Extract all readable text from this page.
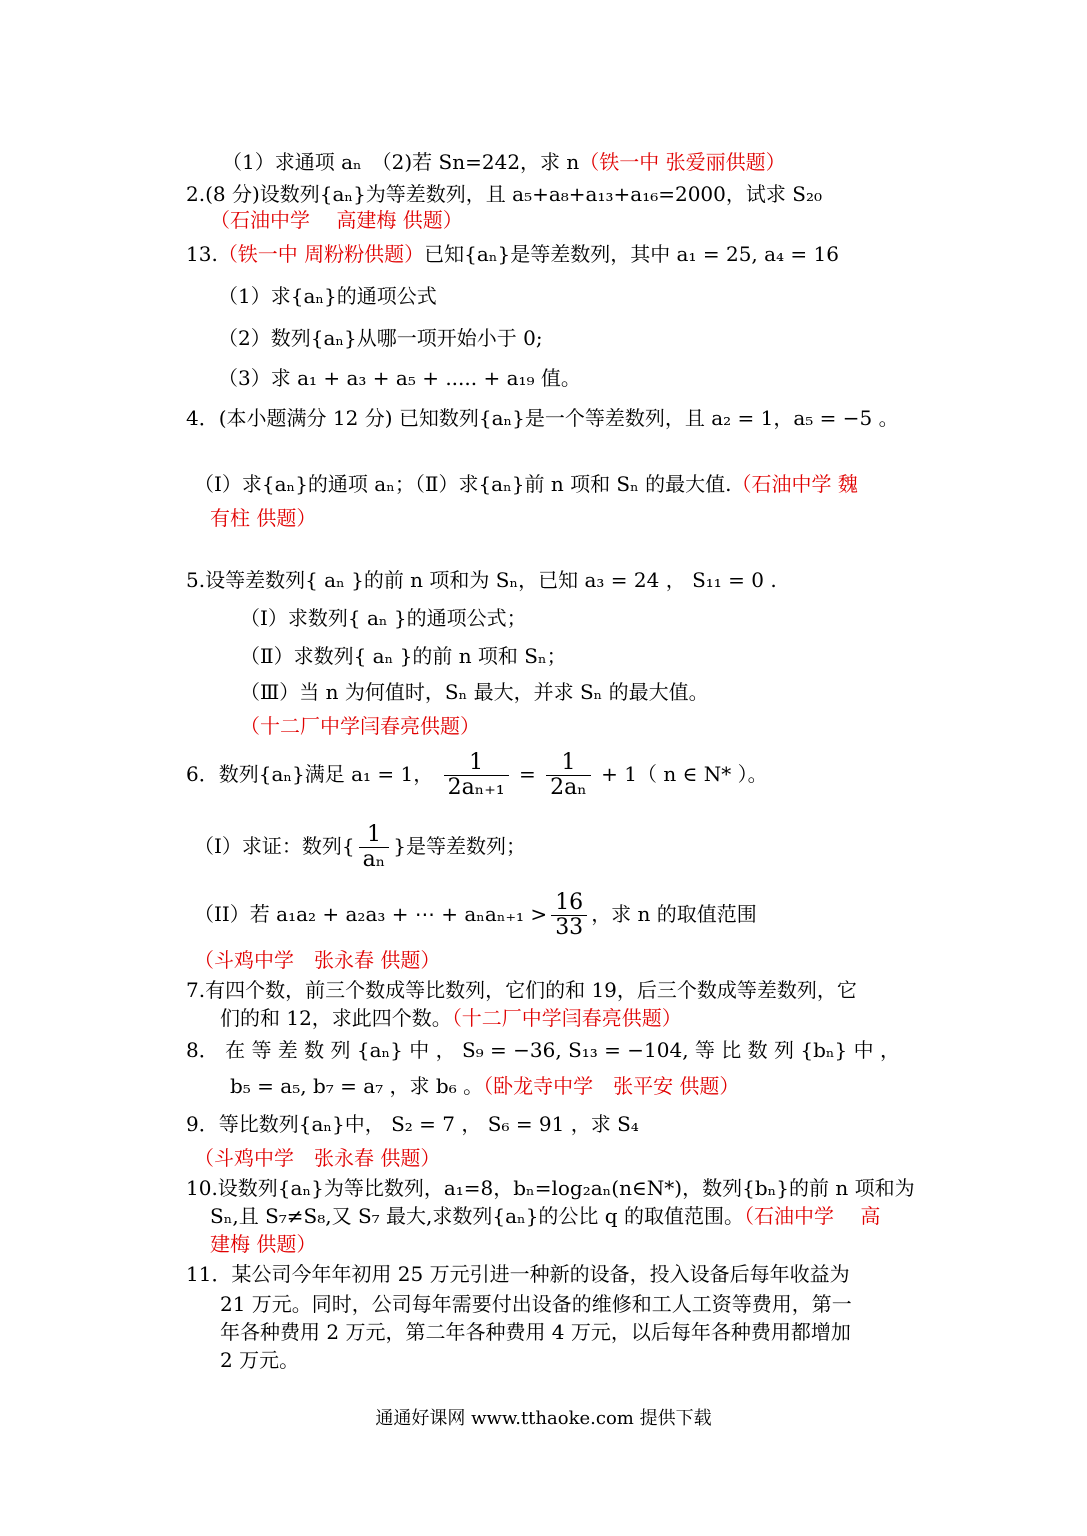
（1）求通项 aₙ　（2)若 Sn=242，求 n（铁一中 张爱丽供题）
2.(8 分)设数列{aₙ}为等差数列，且 a₅+a₈+a₁₃+a₁₆=2000，试求 S₂₀
（石油中学　 高建梅 供题）
13.（铁一中 周粉粉供题）已知{aₙ}是等差数列，其中 a₁ = 25, a₄ = 16
（1）求{aₙ}的通项公式
（2）数列{aₙ}从哪一项开始小于 0;
（3）求 a₁ + a₃ + a₅ + ..... + a₁₉ 值。
4．(本小题满分 12 分) 已知数列{aₙ}是一个等差数列，且 a₂ = 1，a₅ = −5 。
（Ⅰ）求{aₙ}的通项 aₙ；（Ⅱ）求{aₙ}前 n 项和 Sₙ 的最大值.（石油中学 魏
有柱 供题）
5.设等差数列{ aₙ }的前 n 项和为 Sₙ，已知 a₃ = 24 ， S₁₁ = 0 .
（Ⅰ）求数列{ aₙ }的通项公式；
（Ⅱ）求数列{ aₙ }的前 n 项和 Sₙ；
（Ⅲ）当 n 为何值时，Sₙ 最大，并求 Sₙ 的最大值。
（十二厂中学闫春亮供题）
6．数列{aₙ}满足 a₁ = 1， $\frac{1}{\text{2aₙ₊₁}} = \frac{1}{\text{2aₙ}} + 1$（ n ∈ N* ）。
（I）求证：数列{ $\frac{1}{\text{aₙ}}$ }是等差数列；
（II）若 a₁a₂ + a₂a₃ + ⋯ + $a_na_{n+1} > \frac{16}{33}$ ，求 n 的取值范围
（斗鸡中学　张永春 供题）
7.有四个数，前三个数成等比数列，它们的和 19，后三个数成等差数列，它
们的和 12，求此四个数。（十二厂中学闫春亮供题）
8． 在 等 差 数 列 {aₙ} 中 ， S₉ = −36, S₁₃ = −104, 等 比 数 列 {bₙ} 中 ，
b₅ = a₅, b₇ = a₇ ，求 b₆ 。（卧龙寺中学　张平安 供题）
9．等比数列{aₙ}中， S₂ = 7 ， S₆ = 91 ，求 S₄
（斗鸡中学　张永春 供题）
10.设数列{aₙ}为等比数列，a₁=8，bₙ=log₂aₙ(n∈N*)，数列{bₙ}的前 n 项和为
Sₙ,且 S₇≠S₈,又 S₇ 最大,求数列{aₙ}的公比 q 的取值范围。（石油中学　 高
建梅 供题）
11．某公司今年年初用 25 万元引进一种新的设备，投入设备后每年收益为
21 万元。同时，公司每年需要付出设备的维修和工人工资等费用，第一
年各种费用 2 万元，第二年各种费用 4 万元，以后每年各种费用都增加
2 万元。
通通好课网 www.tthaoke.com 提供下载
